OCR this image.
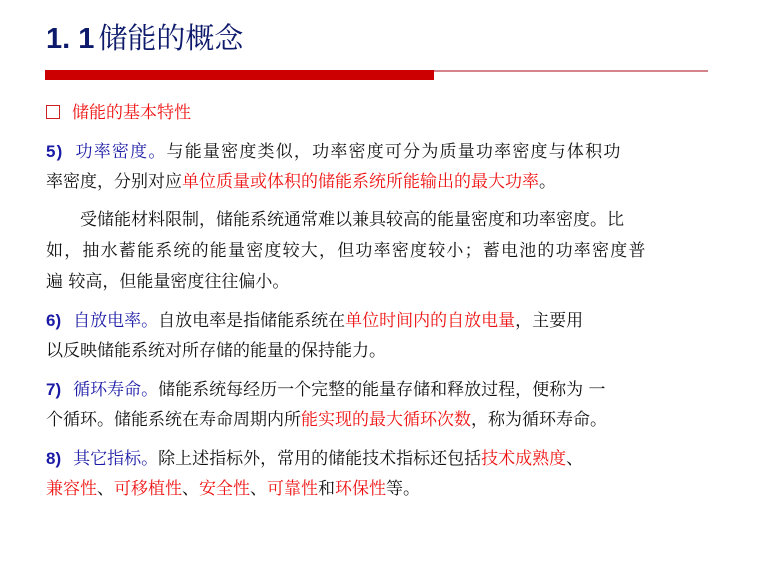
1. 1 储能的概念
储能的基本特性
5) 功率密度。与能量密度类似，功率密度可分为质量功率密度与体积功
率密度，分别对应单位质量或体积的储能系统所能输出的最大功率。
受储能材料限制，储能系统通常难以兼具较高的能量密度和功率密度。比
如，抽水蓄能系统的能量密度较大，但功率密度较小；蓄电池的功率密度普
遍 较高，但能量密度往往偏小。
6) 自放电率。自放电率是指储能系统在单位时间内的自放电量，主要用
以反映储能系统对所存储的能量的保持能力。
7) 循环寿命。储能系统每经历一个完整的能量存储和释放过程，便称为 一
个循环。储能系统在寿命周期内所能实现的最大循环次数，称为循环寿命。
8) 其它指标。除上述指标外，常用的储能技术指标还包括技术成熟度、
兼容性、可移植性、安全性、可靠性和环保性等。
